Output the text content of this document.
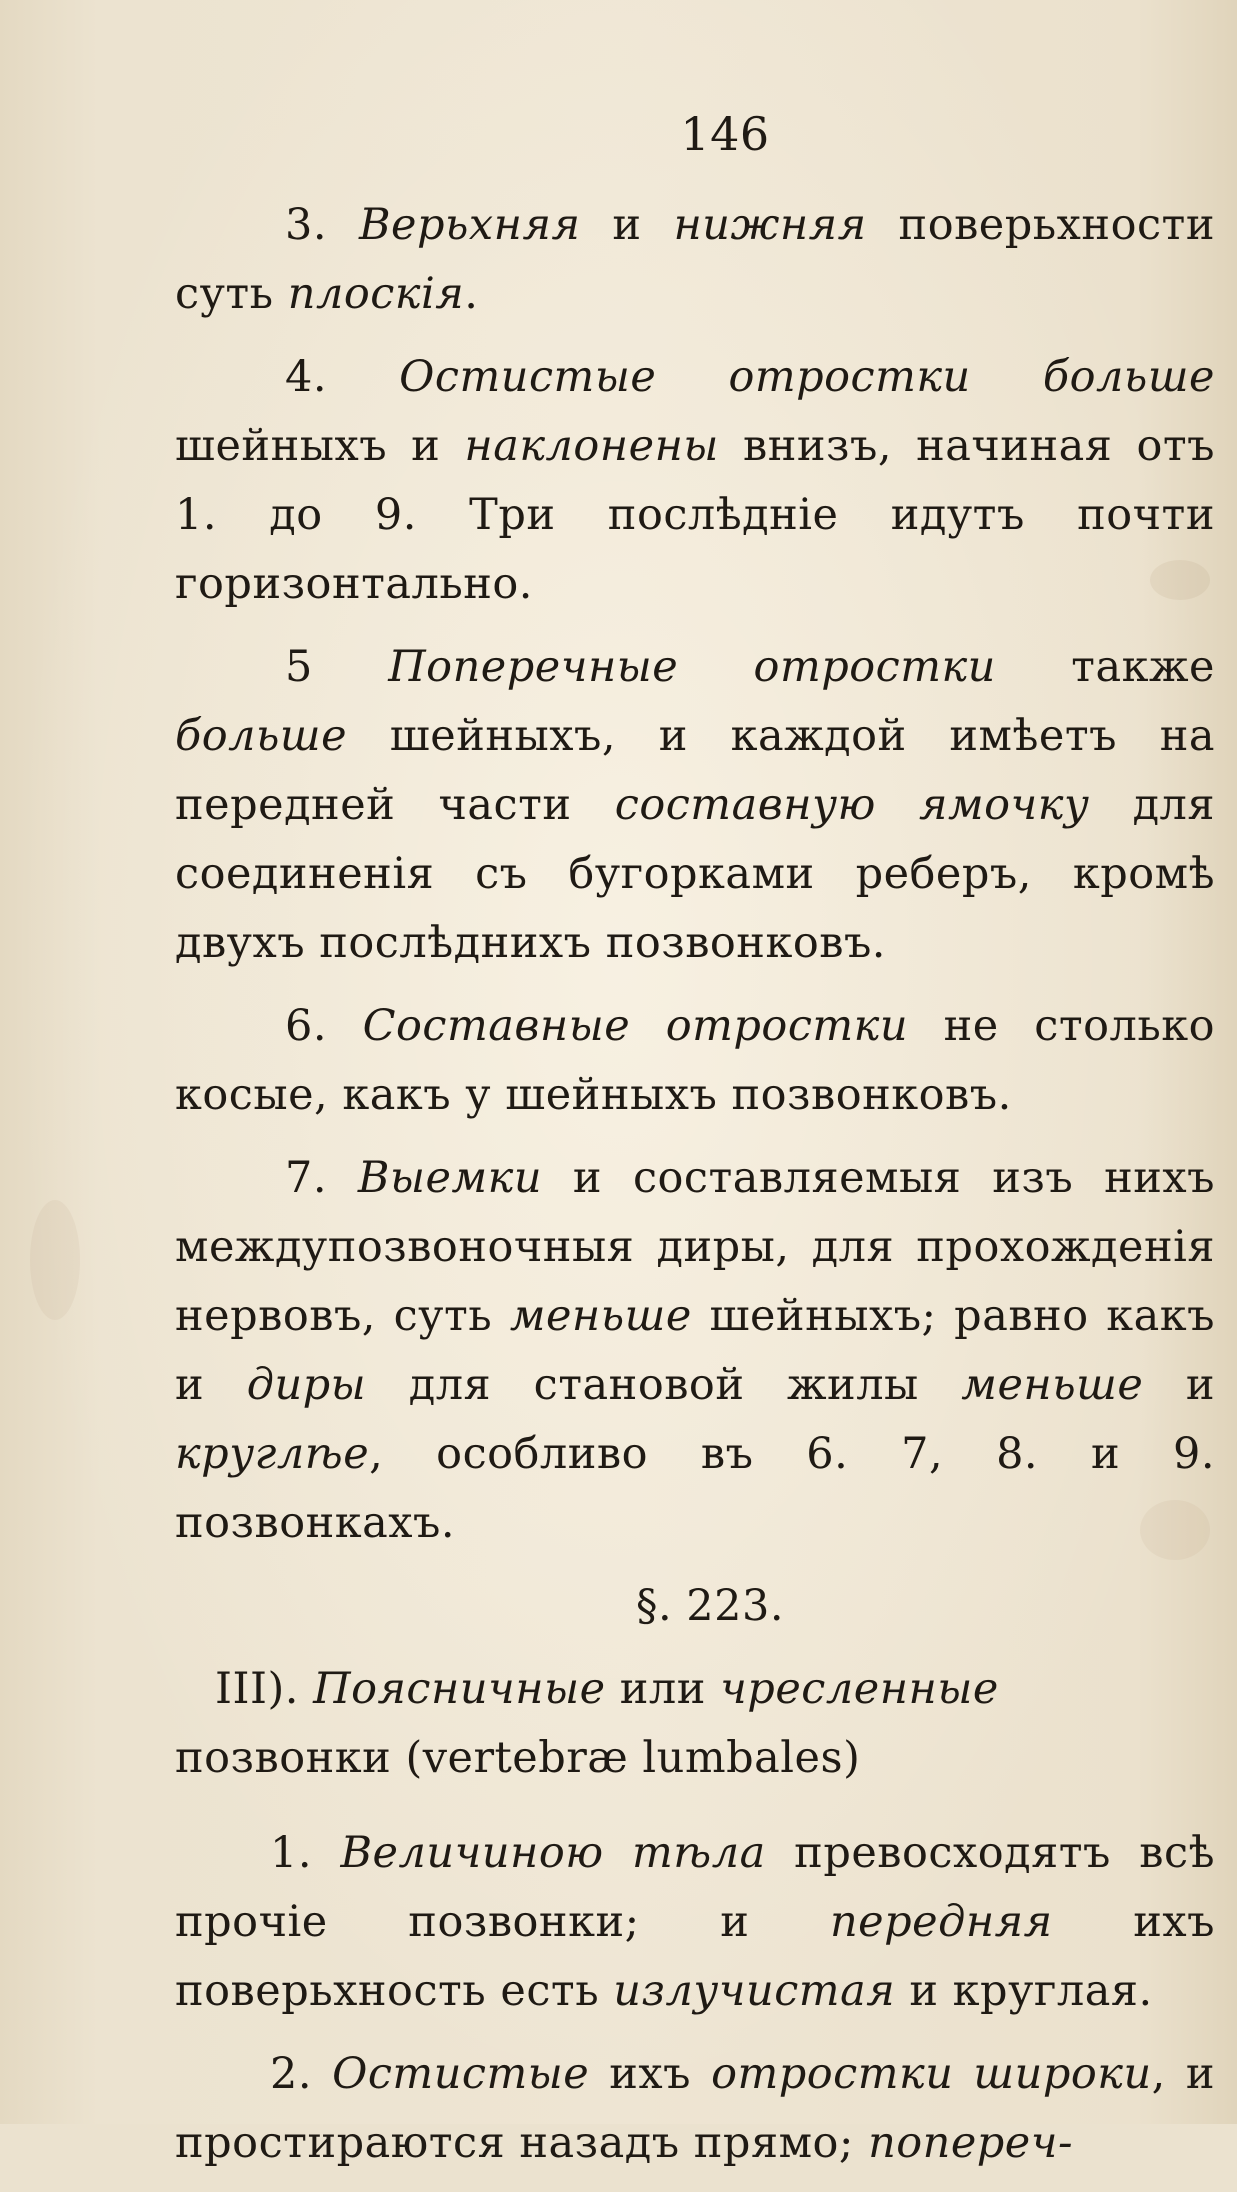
146

3. Верьхняя и нижняя поверьхности суть плоскія.

4. Остистые отростки больше шейныхъ и наклонены внизъ, начиная отъ 1. до 9. Три послѣдніе идутъ почти горизонтально.

5 Поперечные отростки также больше шейныхъ, и каждой имѣетъ на передней части составную ямочку для соединенія съ бугорками реберъ, кромѣ двухъ послѣднихъ позвонковъ.

6. Составные отростки не столько косые, какъ у шейныхъ позвонковъ.

7. Выемки и составляемыя изъ нихъ междупозвоночныя диры, для прохожденія нервовъ, суть меньше шейныхъ; равно какъ и диры для становой жилы меньше и круглѣе, особливо въ 6. 7, 8. и 9. позвонкахъ.

§. 223.
III). Поясничные или чресленные позвонки (vertebræ lumbales)

1. Величиною тѣла превосходятъ всѣ прочіе позвонки; и передняя ихъ поверьхность есть излучистая и круглая.

2. Остистые ихъ отростки широки, и простираются назадъ прямо; попереч-
